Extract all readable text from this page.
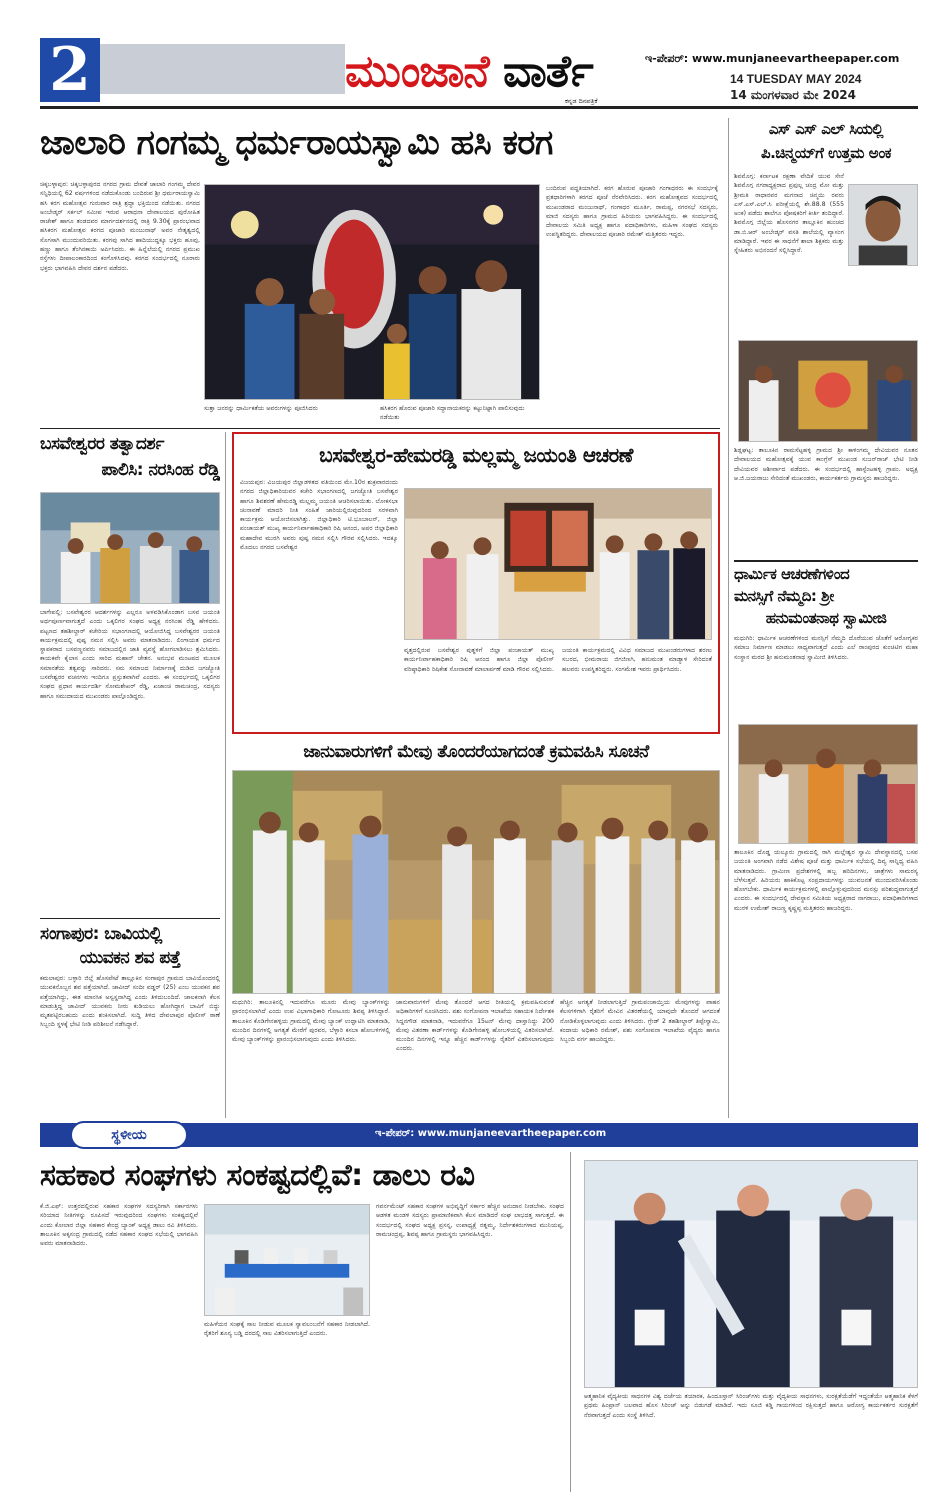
2	ಮುಂಜಾನೆ ವಾರ್ತೆ
ಕನ್ನಡ ದಿನಪತ್ರಿಕೆ
ಇ-ಪೇಪರ್: www.munjaneevartheepaper.com
14 TUESDAY MAY 2024
14 ಮಂಗಳವಾರ ಮೇ 2024
ಜಾಲಾರಿ ಗಂಗಮ್ಮ ಧರ್ಮರಾಯಸ್ವಾಮಿ ಹಸಿ ಕರಗ
ಚಿಕ್ಕಬಳ್ಳಾಪುರ: ಚಿಕ್ಕಬಳ್ಳಾಪುರದ ನಗರದ ಗ್ರಾಮ ದೇವತೆ ಜಾಲಾರಿ ಗಂಗಮ್ಮ ದೇವರ ಸನ್ನಿಧಿಯಲ್ಲಿ 62 ವರ್ಷಗಳಿಂದ ನಡೆದುಕೊಂಡು ಬಂದಿರುವ ಶ್ರೀ ಧರ್ಮರಾಯಸ್ವಾಮಿ ಹಸಿ ಕರಗ ಮಹೋತ್ಸವ ಗುರುವಾರ ರಾತ್ರಿ ಶ್ರದ್ಧಾ ಭಕ್ತಿಯಿಂದ ನಡೆಯಿತು. ನಗರದ ಅಂಬೇಡ್ಕರ್ ಸರ್ಕಲ್ ಸಮೀಪ ಇರುವ ಆರಾಧನಾ ದೇವಾಲಯದ ಪುರೋಹಿತ ರಾಜೇಶ್ ಹಾಗೂ ತಂಡದವರ ಮಾರ್ಗದರ್ಶನದಲ್ಲಿ ರಾತ್ರಿ 9.30ಕ್ಕೆ ಪ್ರಾರಂಭವಾದ ಹಸಿಕರಗ ಮಹೋತ್ಸವ ಕರಗದ ಪೂಜಾರಿ ಮಂಜುನಾಥ್ ಅವರ ನೇತೃತ್ವದಲ್ಲಿ ಸೊಗಸಾಗಿ ಮುಂದುವರಿಯಿತು. ಕರಗವು ಸಾಗಿದ ಹಾದಿಯುದ್ದಕ್ಕೂ ಭಕ್ತರು ಹೂವು, ಹಣ್ಣು ಹಾಗೂ ತೆಂಗಿನಕಾಯಿ ಅರ್ಪಿಸಿದರು. ಈ ಹಿನ್ನೆಲೆಯಲ್ಲಿ ನಗರದ ಪ್ರಮುಖ ರಸ್ತೆಗಳು ದೀಪಾಲಂಕಾರದಿಂದ ಕಂಗೊಳಿಸಿದವು. ಕರಗದ ಸಂದರ್ಭದಲ್ಲಿ ನೂರಾರು ಭಕ್ತರು ಭಾಗವಹಿಸಿ ದೇವರ ದರ್ಶನ ಪಡೆದರು.
ಸುತ್ತಾ ಜನರನ್ನು ಧಾರ್ಮಿಕತೆಯ ಅವರುಗಳನ್ನು ಪೂಜಿಸಿದರು	ಹಸಿಕರಗ ಹೊರುವ ಪೂಜಾರಿ ಸದ್ದಾನಾಯಕರನ್ನು ಕಟ್ಟುನಿಟ್ಟಾಗಿ ಪಾಲಿಸುವುದು ನಡೆಯಿತು
ಬಂದಿರುವ ಪದ್ಧತಿಯಾಗಿದೆ. ಕರಗ ಹೊರುವ ಪೂಜಾರಿ ಗಂಗಾಧರರು ಈ ಸಂದರ್ಭಕ್ಕೆ ವ್ರತಧಾರಿಗಳಾಗಿ ಕರಗದ ಪೂಜೆ ನೆರವೇರಿಸಿದರು. ಕರಗ ಮಹೋತ್ಸವದ ಸಂದರ್ಭದಲ್ಲಿ ಮುಖಂಡರಾದ ಮಂಜುನಾಥ್, ಗಂಗಾಧರ ಮೂರ್ತಿ, ರಾಮಪ್ಪ, ನಗರಸಭೆ ಸದಸ್ಯರು, ಮಾಜಿ ಸದಸ್ಯರು ಹಾಗೂ ಗ್ರಾಮದ ಹಿರಿಯರು ಭಾಗವಹಿಸಿದ್ದರು. ಈ ಸಂದರ್ಭದಲ್ಲಿ ದೇವಾಲಯ ಸಮಿತಿ ಅಧ್ಯಕ್ಷ ಹಾಗೂ ಪದಾಧಿಕಾರಿಗಳು, ಮಹಿಳಾ ಸಂಘದ ಸದಸ್ಯರು ಉಪಸ್ಥಿತರಿದ್ದರು. ದೇವಾಲಯದ ಪೂಜಾರಿ ರಮೇಶ್ ಮತ್ತಿತರರು ಇದ್ದರು.
ಎಸ್ ಎಸ್ ಎಲ್ ಸಿಯಲ್ಲಿ
ಪಿ.ಚಿನ್ಮಯ್‌ಗೆ ಉತ್ತಮ ಅಂಕ
ಶಿವಮೊಗ್ಗ: ಕರ್ನಾಟಕ ರಕ್ಷಣಾ ವೇದಿಕೆ ಯುವ ಸೇನೆ ಶಿವಮೊಗ್ಗ ನಗರಾಧ್ಯಕ್ಷರಾದ ಪ್ರಫುಲ್ಲ ಚಂದ್ರ ಮೋ ಮತ್ತು ಶ್ರೀಮತಿ ರಾಧಾರವರ ಮಗನಾದ ಚಿನ್ಮಯಿ ರವರು ಎಸ್.ಎಸ್.ಎಲ್.ಸಿ ಪರೀಕ್ಷೆಯಲ್ಲಿ ಶೇ.88.8 (555 ಅಂಕ) ಪಡೆದು ಶಾಲೆಗೂ ಪೋಷಕರಿಗೆ ಕೀರ್ತಿ ತಂದಿದ್ದಾರೆ. ಶಿವಮೊಗ್ಗ ಜಿಲ್ಲೆಯ ಹೊಸನಗರ ತಾಲ್ಲೂಕಿನ ಹುಂಚದ ಡಾ.ಬಿ.ಆರ್ ಅಂಬೇಡ್ಕರ್ ವಸತಿ ಶಾಲೆಯಲ್ಲಿ ವ್ಯಾಸಂಗ ಮಾಡಿದ್ದಾರೆ. ಇವರ ಈ ಸಾಧನೆಗೆ ಶಾಲಾ ಶಿಕ್ಷಕರು ಮತ್ತು ಸ್ನೇಹಿತರು ಅಭಿನಂದನೆ ಸಲ್ಲಿಸಿದ್ದಾರೆ.
ಶಿಡ್ಲಘಟ್ಟ: ತಾಲೂಕಿನ ರಾಮಸೆಟ್ಟಹಳ್ಳಿ ಗ್ರಾಮದ ಶ್ರೀ ಕಾಳಿಂಗಮ್ಮ ದೇವಿಯವರ ನೂತನ ದೇವಾಲಯದ ಮಹೋತ್ಸವಕ್ಕೆ ಯುವ ಕಾಂಗ್ರೆಸ್ ಮುಖಂಡ ಸುಜನ್‌ರಾಜ್ ಭೇಟಿ ನೀಡಿ ದೇವಿಯವರ ಆಶೀರ್ವಾದ ಪಡೆದರು. ಈ ಸಂದರ್ಭದಲ್ಲಿ ಹಾಸ್ಟೆಂಟಹಳ್ಳಿ ಗ್ರಾಪಂ. ಅಧ್ಯಕ್ಷ ಆ.ಜಿ.ಜಯರಾಜು ಸೇರಿದಂತೆ ಮುಖಂಡರು, ಕಾರ್ಯಕರ್ತರು ಗ್ರಾಮಸ್ಥರು ಹಾಜರಿದ್ದರು.
ಧಾರ್ಮಿಕ ಆಚರಣೆಗಳಿಂದ
ಮನಸ್ಸಿಗೆ ನೆಮ್ಮದಿ: ಶ್ರೀ
ಹನುಮಂತನಾಥ ಸ್ವಾಮೀಜಿ
ಮಧುಗಿರಿ: ಧಾರ್ಮಿಕ ಆಚರಣೆಗಳಿಂದ ಮನಸ್ಸಿಗೆ ನೆಮ್ಮದಿ ದೊರೆಯುವ ಜೊತೆಗೆ ಆರೋಗ್ಯಕರ ಸಮಾಜ ನಿರ್ಮಾಣ ಮಾಡಲು ಸಾಧ್ಯವಾಗುತ್ತದೆ ಎಂದು ಎಲೆ ರಾಂಪುರದ ಕುಂಚಿಟಿಗ ಮಹಾ ಸಂಸ್ಥಾನ ಮಠದ ಶ್ರೀ ಹನುಮಂತನಾಥ ಸ್ವಾಮೀಜಿ ತಿಳಿಸಿದರು.
ತಾಲೂಕಿನ ದೊಡ್ಡ ಯಲ್ಕೂರು ಗ್ರಾಮದಲ್ಲಿ ರಾಗಿ ಮಲ್ಲೇಶ್ವರ ಸ್ವಾಮಿ ದೇವಸ್ಥಾನದಲ್ಲಿ ಬಸವ ಜಯಂತಿ ಅಂಗವಾಗಿ ನಡೆದ ವಿಶೇಷ ಪೂಜೆ ಮತ್ತು ಧಾರ್ಮಿಕ ಸಭೆಯಲ್ಲಿ ದಿವ್ಯ ಸಾನ್ನಿಧ್ಯ ವಹಿಸಿ ಮಾತನಾಡಿದರು. ಗ್ರಾಮೀಣ ಪ್ರದೇಶಗಳಲ್ಲಿ ಹಬ್ಬ ಹರಿದಿನಗಳು, ಜಾತ್ರೆಗಳು ಸಾಮರಸ್ಯ ಬೆಳೆಸುತ್ತವೆ. ಹಿರಿಯರು ಹಾಕಿಕೊಟ್ಟ ಸಂಪ್ರದಾಯಗಳನ್ನು ಯುವಜನತೆ ಮುಂದುವರಿಸಿಕೊಂಡು ಹೋಗಬೇಕು. ಧಾರ್ಮಿಕ ಕಾರ್ಯಕ್ರಮಗಳಲ್ಲಿ ಪಾಲ್ಗೊಳ್ಳುವುದರಿಂದ ಮನಸ್ಸು ಪರಿಶುದ್ಧವಾಗುತ್ತದೆ ಎಂದರು. ಈ ಸಂದರ್ಭದಲ್ಲಿ ದೇವಸ್ಥಾನ ಸಮಿತಿಯ ಅಧ್ಯಕ್ಷರಾದ ನಾಗರಾಜು, ಪದಾಧಿಕಾರಿಗಳಾದ ಮುರಳಿ ಉಮೇಶ್ ರಾಜಣ್ಣ ಕೃಷ್ಣಪ್ಪ ಮತ್ತಿತರರು ಹಾಜರಿದ್ದರು.
ಬಸವೇಶ್ವರರ ತತ್ವಾದರ್ಶ
ಪಾಲಿಸಿ: ನರಸಿಂಹ ರೆಡ್ಡಿ
ಬಾಗೇಪಲ್ಲಿ: ಬಸವೇಶ್ವರರ ಆದರ್ಶಗಳನ್ನು ಎಲ್ಲರೂ ಅಳವಡಿಸಿಕೊಂಡಾಗ ಬಸವ ಜಯಂತಿ ಅರ್ಥಪೂರ್ಣವಾಗುತ್ತದೆ ಎಂದು ಒಕ್ಕಲಿಗರ ಸಂಘದ ಅಧ್ಯಕ್ಷ ನರಸಿಂಹ ರೆಡ್ಡಿ ಹೇಳಿದರು. ಪಟ್ಟಣದ ತಹಶೀಲ್ದಾರ್ ಕಚೇರಿಯ ಸಭಾಂಗಣದಲ್ಲಿ ಆಯೋಜಿಸಿದ್ದ ಬಸವೇಶ್ವರರ ಜಯಂತಿ ಕಾರ್ಯಕ್ರಮದಲ್ಲಿ ಪುಷ್ಪ ನಮನ ಸಲ್ಲಿಸಿ ಅವರು ಮಾತನಾಡಿದರು. ಲಿಂಗಾಯತ ಧರ್ಮದ ಸ್ಥಾಪಕರಾದ ಬಸವಣ್ಣನವರು ಸಮಾಜದಲ್ಲಿನ ಜಾತಿ ವ್ಯವಸ್ಥೆ ಹೋಗಲಾಡಿಸಲು ಶ್ರಮಿಸಿದರು. ಕಾಯಕವೇ ಕೈಲಾಸ ಎಂದು ಸಾರಿದ ಮಹಾನ್ ಚೇತನ. ಅನುಭವ ಮಂಟಪದ ಮೂಲಕ ಸಮಾನತೆಯ ತತ್ವವನ್ನು ಸಾರಿದರು. ಸಮ ಸಮಾಜದ ನಿರ್ಮಾಣಕ್ಕೆ ದುಡಿದ ಜಗಜ್ಯೋತಿ ಬಸವೇಶ್ವರರ ವಚನಗಳು ಇಂದಿಗೂ ಪ್ರಸ್ತುತವಾಗಿವೆ ಎಂದರು. ಈ ಸಂದರ್ಭದಲ್ಲಿ ಒಕ್ಕಲಿಗರ ಸಂಘದ ಪ್ರಧಾನ ಕಾರ್ಯದರ್ಶಿ ಸೋಮಶೇಖರ್ ರೆಡ್ಡಿ, ಖಜಾಂಚಿ ರಾಮಚಂದ್ರ, ಸದಸ್ಯರು ಹಾಗೂ ಸಮುದಾಯದ ಮುಖಂಡರು ಪಾಲ್ಗೊಂಡಿದ್ದರು.
ಸಂಗಾಪುರ: ಬಾವಿಯಲ್ಲಿ
ಯುವಕನ ಶವ ಪತ್ತೆ
ಕಮಲಾಪುರ: ಬಳ್ಳಾರಿ ಜಿಲ್ಲೆ ಹೊಸಪೇಟೆ ತಾಲ್ಲೂಕಿನ ಸಂಗಾಪುರ ಗ್ರಾಮದ ಬಾವಿಯೊಂದರಲ್ಲಿ ಯುವಕನೊಬ್ಬನ ಶವ ಪತ್ತೆಯಾಗಿದೆ. ಜಾವೀದ್ ಸಂದೀ ವಡ್ಡರ್ (25) ಎಂಬ ಯುವಕನ ಶವ ಪತ್ತೆಯಾಗಿದ್ದು, ಈತ ಮಾನಸಿಕ ಅಸ್ವಸ್ಥನಾಗಿದ್ದ ಎಂದು ತಿಳಿದುಬಂದಿದೆ. ಚಾಲಕನಾಗಿ ಕೆಲಸ ಮಾಡುತ್ತಿದ್ದ ಜಾವೀದ್ ಯುವಕನು ನೀರು ಕುಡಿಯಲು ಹೋಗಿದ್ದಾಗ ಬಾವಿಗೆ ಬಿದ್ದು ಮೃತಪಟ್ಟಿರಬಹುದು ಎಂದು ಶಂಕಿಸಲಾಗಿದೆ. ಸುದ್ದಿ ತಿಳಿದ ದೇವಲಾಪುರ ಪೊಲೀಸ್ ಠಾಣೆ ಸಿಬ್ಬಂದಿ ಸ್ಥಳಕ್ಕೆ ಭೇಟಿ ನೀಡಿ ಪರಿಶೀಲನೆ ನಡೆಸಿದ್ದಾರೆ.
ಬಸವೇಶ್ವರ-ಹೇಮರಡ್ಡಿ ಮಲ್ಲಮ್ಮ ಜಯಂತಿ ಆಚರಣೆ
ವಿಜಯಪುರ: ವಿಜಯಪುರ ಜಿಲ್ಲಾಡಳಿತದ ವತಿಯಿಂದ ಮೇ.10ರ ಶುಕ್ರವಾರದಂದು ನಗರದ ಜಿಲ್ಲಾಧಿಕಾರಿಯವರ ಕಚೇರಿ ಸಭಾಂಗಣದಲ್ಲಿ ಜಗಜ್ಯೋತಿ ಬಸವೇಶ್ವರ ಹಾಗೂ ಶಿವಶರಣೆ ಹೇಮರಡ್ಡಿ ಮಲ್ಲಮ್ಮ ಜಯಂತಿ ಆಚರಿಸಲಾಯಿತು. ಲೋಕಸಭಾ ಚುನಾವಣೆ ಮಾದರಿ ನೀತಿ ಸಂಹಿತೆ ಜಾರಿಯಲ್ಲಿರುವುದರಿಂದ ಸರಳವಾಗಿ ಕಾರ್ಯಕ್ರಮ ಆಯೋಜಿಸಲಾಗಿತ್ತು. ಜಿಲ್ಲಾಧಿಕಾರಿ ಟಿ.ಭೂಬಾಲನ್, ಜಿಲ್ಲಾ ಪಂಚಾಯತ್ ಮುಖ್ಯ ಕಾರ್ಯನಿರ್ವಾಹಕಾಧಿಕಾರಿ ರಿಷಿ ಆನಂದ, ಅಪರ ಜಿಲ್ಲಾಧಿಕಾರಿ ಮಹಾದೇವ ಮುರಗಿ ಅವರು ಪುಷ್ಪ ನಮನ ಸಲ್ಲಿಸಿ ಗೌರವ ಸಲ್ಲಿಸಿದರು. ಇದಕ್ಕೂ ಮೊದಲು ನಗರದ ಬಸವೇಶ್ವರ
ವೃತ್ತದಲ್ಲಿರುವ ಬಸವೇಶ್ವರ ಪುತ್ಥಳಿಗೆ ಜಿಲ್ಲಾ ಪಂಚಾಯತ್ ಮುಖ್ಯ ಕಾರ್ಯನಿರ್ವಾಹಕಾಧಿಕಾರಿ ರಿಷಿ ಆನಂದ ಹಾಗೂ ಜಿಲ್ಲಾ ಪೊಲೀಸ್ ವರಿಷ್ಠಾಧಿಕಾರಿ ರಿಷಿಕೇಶ ಸೋನಾವಣೆ ಮಾಲಾರ್ಪಣೆ ಮಾಡಿ ಗೌರವ ಸಲ್ಲಿಸಿದರು.
ಜಯಂತಿ ಕಾರ್ಯಕ್ರಮದಲ್ಲಿ ವಿವಿಧ ಸಮಾಜದ ಮುಖಂಡರುಗಳಾದ ಶರಣು ಸಬರದ, ಭೀಮರಾಯ ಜಿಗಜಿಣಗಿ, ಹನುಮಂತ ಮಾಡ್ಯಾಳ ಸೇರಿದಂತೆ ಹಲವರು ಉಪಸ್ಥಿತರಿದ್ದರು. ಸಂಗಮೇಶ ಇವರು ಪ್ರಾರ್ಥಿಸಿದರು.
ಜಾನುವಾರುಗಳಿಗೆ ಮೇವು ತೊಂದರೆಯಾಗದಂತೆ ಕ್ರಮವಹಿಸಿ ಸೂಚನೆ
ಮಧುಗಿರಿ: ತಾಲೂಕಿನಲ್ಲಿ ಇದುವರೆಗೂ ಮೂರು ಮೇವು ಬ್ಯಾಂಕ್‌ಗಳನ್ನು ಪ್ರಾರಂಭಿಸಲಾಗಿದೆ ಎಂದು ಉಪ ವಿಭಾಗಾಧಿಕಾರಿ ಗೋಟೂರು ಶಿವಪ್ಪ ತಿಳಿಸಿದ್ದಾರೆ. ತಾಲೂಕಿನ ಕೊಡಿಗೇನಹಳ್ಳಿಯ ಗ್ರಾಮದಲ್ಲಿ ಮೇವು ಬ್ಯಾಂಕ್ ಉದ್ಘಾಟಿಸಿ ಮಾತನಾಡಿ, ಮುಂದಿನ ದಿನಗಳಲ್ಲಿ ಅಗತ್ಯತೆ ಮೇರೆಗೆ ಪುರವರ, ಬೆಳ್ಳಾರಿ ಕಸಬಾ ಹೋಬಳಿಗಳಲ್ಲಿ ಮೇವು ಬ್ಯಾಂಕ್‌ಗಳನ್ನು ಪ್ರಾರಂಭಿಸಲಾಗುವುದು ಎಂದು ತಿಳಿಸಿದರು.
ಜಾನುವಾರುಗಳಿಗೆ ಮೇವು ತೊಂದರೆ ಆಗದ ರೀತಿಯಲ್ಲಿ ಕ್ರಮವಹಿಸುವಂತೆ ಅಧಿಕಾರಿಗಳಿಗೆ ಸೂಚಿಸಿದರು. ಪಶು ಸಂಗೋಪನಾ ಇಲಾಖೆಯ ಸಹಾಯಕ ನಿರ್ದೇಶಕ ಸಿದ್ದನಗೌಡ ಮಾತನಾಡಿ, ಇದುವರೆಗೂ 15ಟನ್ ಮೇವು ದಾಸ್ತಾನಿದ್ದು 200 ಮೇವು ವಿತರಣಾ ಕಾರ್ಡ್‌ಗಳನ್ನು ಕೊಡಿಗೇನಹಳ್ಳಿ ಹೋಬಳಿಯಲ್ಲಿ ವಿತರಿಸಲಾಗಿದೆ. ಮುಂದಿನ ದಿನಗಳಲ್ಲಿ ಇನ್ನೂ ಹೆಚ್ಚಿನ ಕಾರ್ಡ್‌ಗಳನ್ನು ರೈತರಿಗೆ ವಿತರಿಸಲಾಗುವುದು ಎಂದರು.
ಹೆಚ್ಚಿನ ಅಗತ್ಯತೆ ನೀಡಲಾಗುತ್ತಿದೆ ಗ್ರಾಮಪಂಚಾಯ್ತಿಯ ಮೇವುಗಳನ್ನು ವಾಹನ ಕೆಲಸಗಳಿಗಾಗಿ ರೈತರಿಗೆ ಮೇವಿನ ವಿತರಣೆಯಲ್ಲಿ ಯಾವುದೇ ತೊಂದರೆ ಆಗದಂತೆ ನೋಡಿಕೊಳ್ಳಲಾಗುವುದು ಎಂದು ತಿಳಿಸಿದರು. ಗ್ರೇಡ್ 2 ತಹಶೀಲ್ದಾರ್ ತಿಪ್ಪೇಸ್ವಾಮಿ, ಕಂದಾಯ ಅಧಿಕಾರಿ ರಮೇಶ್, ಪಶು ಸಂಗೋಪನಾ ಇಲಾಖೆಯ ವೈದ್ಯರು ಹಾಗೂ ಸಿಬ್ಬಂದಿ ವರ್ಗ ಹಾಜರಿದ್ದರು.
ಸ್ಥಳೀಯ	ಇ-ಪೇಪರ್: www.munjaneevartheepaper.com
ಸಹಕಾರ ಸಂಘಗಳು ಸಂಕಷ್ಟದಲ್ಲಿವೆ: ಡಾಲು ರವಿ
ಕೆ.ಜಿ.ಎಫ್: ಉತ್ತರದಲ್ಲಿರುವ ಸಹಕಾರ ಸಂಘಗಳ ಸದಸ್ಯರಿಗಾಗಿ ಸರ್ಕಾರಗಳು ಸರಿಯಾದ ನೀತಿಗಳನ್ನು ರೂಪಿಸದೆ ಇರುವುದರಿಂದ ಸಂಘಗಳು ಸಂಕಷ್ಟದಲ್ಲಿವೆ ಎಂದು ಕೋಲಾರ ಜಿಲ್ಲಾ ಸಹಕಾರ ಕೇಂದ್ರ ಬ್ಯಾಂಕ್ ಅಧ್ಯಕ್ಷ ಡಾಲು ರವಿ ತಿಳಿಸಿದರು. ತಾಲೂಕಿನ ಅಕ್ಕಸಂದ್ರ ಗ್ರಾಮದಲ್ಲಿ ನಡೆದ ಸಹಕಾರ ಸಂಘದ ಸಭೆಯಲ್ಲಿ ಭಾಗವಹಿಸಿ ಅವರು ಮಾತನಾಡಿದರು.
ಮಹಿಳೆಯರ ಸಂಘಕ್ಕೆ ಸಾಲ ನೀಡುವ ಮೂಲಕ ಸ್ವಾವಲಂಬನೆಗೆ ಸಹಕಾರ ನೀಡಲಾಗಿದೆ. ರೈತರಿಗೆ ಶೂನ್ಯ ಬಡ್ಡಿ ದರದಲ್ಲಿ ಸಾಲ ವಿತರಿಸಲಾಗುತ್ತಿದೆ ಎಂದರು.
ಗವರ್ನಮೆಂಟ್ ಸಹಕಾರ ಸಂಘಗಳ ಅಭಿವೃದ್ಧಿಗೆ ಸರ್ಕಾರ ಹೆಚ್ಚಿನ ಅನುದಾನ ನೀಡಬೇಕು. ಸಂಘದ ಆಡಳಿತ ಮಂಡಳಿ ಸದಸ್ಯರು ಪ್ರಾಮಾಣಿಕವಾಗಿ ಕೆಲಸ ಮಾಡಿದರೆ ಸಂಘ ಲಾಭದತ್ತ ಸಾಗುತ್ತದೆ. ಈ ಸಂದರ್ಭದಲ್ಲಿ ಸಂಘದ ಅಧ್ಯಕ್ಷ ಪ್ರಸನ್ನ, ಉಪಾಧ್ಯಕ್ಷೆ ರತ್ನಮ್ಮ, ನಿರ್ದೇಶಕರುಗಳಾದ ಮುನಿಯಪ್ಪ, ರಾಮಚಂದ್ರಪ್ಪ, ಶಿವಪ್ಪ ಹಾಗೂ ಗ್ರಾಮಸ್ಥರು ಭಾಗವಹಿಸಿದ್ದರು.
ಆತ್ಮಹಾನಿಕ ವೈದ್ಯಕೀಯ ಸಾಧನಗಳ ವಿಶ್ವ ದರ್ಜೆಯ ತಯಾರಕ, ಹಿಂದೂಸ್ತಾನ್ ಸಿರಿಂಜ್‌ಗಳು ಮತ್ತು ವೈದ್ಯಕೀಯ ಸಾಧನಗಳು, ಸುರಕ್ಷತೆಯೆಡೆಗೆ ಇದ್ದಂತೆಯೇ ಆತ್ಮಹಾನಿಕ ಕೆಳಗೆ ಪ್ರಥಮ ಹಿಂಪ್ರಾನ್ ಬಲವಾದ ಹೊಸ ಸಿರಿಂಜ್ ಅನ್ನು ಬಿಡುಗಡೆ ಮಾಡಿದೆ. ಇದು ಸೂಜಿ ಕಡ್ಡಿ ಗಾಯಗಳಿಂದ ರಕ್ಷಿಸುತ್ತದೆ ಹಾಗೂ ಆರೋಗ್ಯ ಕಾರ್ಯಕರ್ತರ ಸುರಕ್ಷತೆಗೆ ನೆರವಾಗುತ್ತದೆ ಎಂದು ಸಂಸ್ಥೆ ತಿಳಿಸಿದೆ.
